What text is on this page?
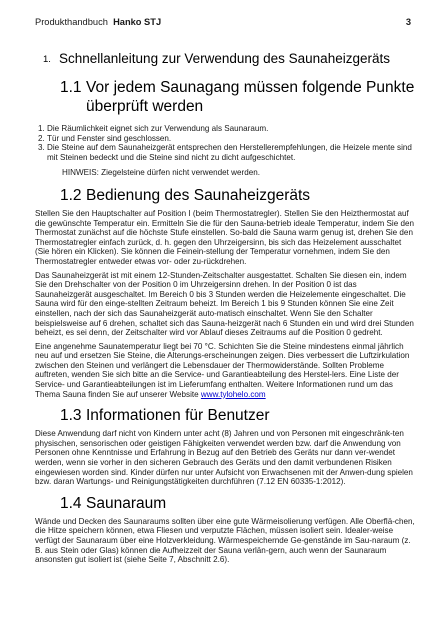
Produkthandbuch Hanko STJ	3
1. Schnellanleitung zur Verwendung des Saunaheizgeräts
1.1 Vor jedem Saunagang müssen folgende Punkte
überprüft werden
1. Die Räumlichkeit eignet sich zur Verwendung als Saunaraum.
2. Tür und Fenster sind geschlossen.
3. Die Steine auf dem Saunaheizgerät entsprechen den Herstellerempfehlungen, die Heizele mente sind mit Steinen bedeckt und die Steine sind nicht zu dicht aufgeschichtet.

HINWEIS: Ziegelsteine dürfen nicht verwendet werden.

1.2 Bedienung des Saunaheizgeräts

Stellen Sie den Hauptschalter auf Position I (beim Thermostatregler). Stellen Sie den Heizthermostat auf die gewünschte Temperatur ein. Ermitteln Sie die für den Sauna-betrieb ideale Temperatur, indem Sie den Thermostat zunächst auf die höchste Stufe einstellen. So-bald die Sauna warm genug ist, drehen Sie den Thermostatregler einfach zurück, d. h. gegen den Uhrzeigersinn, bis sich das Heizelement ausschaltet (Sie hören ein Klicken). Sie können die Feinein-stellung der Temperatur vornehmen, indem Sie den Thermostatregler entweder etwas vor- oder zu-rückdrehen.

Das Saunaheizgerät ist mit einem 12-Stunden-Zeitschalter ausgestattet. Schalten Sie diesen ein, indem Sie den Drehschalter von der Position 0 im Uhrzeigersinn drehen. In der Position 0 ist das Saunaheizgerät ausgeschaltet. Im Bereich 0 bis 3 Stunden werden die Heizelemente eingeschaltet. Die Sauna wird für den einge-stellten Zeitraum beheizt. Im Bereich 1 bis 9 Stunden können Sie eine Zeit einstellen, nach der sich das Saunaheizgerät auto-matisch einschaltet. Wenn Sie den Schalter beispielsweise auf 6 drehen, schaltet sich das Sauna-heizgerät nach 6 Stunden ein und wird drei Stunden beheizt, es sei denn, der Zeitschalter wird vor Ablauf dieses Zeitraums auf die Position 0 gedreht.

Eine angenehme Saunatemperatur liegt bei 70 °C. Schichten Sie die Steine mindestens einmal jährlich neu auf und ersetzen Sie Steine, die Alterungs-erscheinungen zeigen. Dies verbessert die Luftzirkulation zwischen den Steinen und verlängert die Lebensdauer der Thermowiderstände. Sollten Probleme auftreten, wenden Sie sich bitte an die Service- und Garantieabteilung des Herstel-lers. Eine Liste der Service- und Garantieabteilungen ist im Lieferumfang enthalten. Weitere Informationen rund um das Thema Sauna finden Sie auf unserer Website www.tylohelo.com

1.3 Informationen für Benutzer

Diese Anwendung darf nicht von Kindern unter acht (8) Jahren und von Personen mit eingeschränk-ten physischen, sensorischen oder geistigen Fähigkeiten verwendet werden bzw. darf die Anwendung von Personen ohne Kenntnisse und Erfahrung in Bezug auf den Betrieb des Geräts nur dann ver-wendet werden, wenn sie vorher in den sicheren Gebrauch des Geräts und den damit verbundenen Risiken eingewiesen worden sind. Kinder dürfen nur unter Aufsicht von Erwachsenen mit der Anwen-dung spielen bzw. daran Wartungs- und Reinigungstätigkeiten durchführen (7.12 EN 60335-1:2012).

1.4 Saunaraum

Wände und Decken des Saunaraums sollten über eine gute Wärmeisolierung verfügen. Alle Oberflä-chen, die Hitze speichern können, etwa Fliesen und verputzte Flächen, müssen isoliert sein. Idealer-weise verfügt der Saunaraum über eine Holzverkleidung. Wärmespeichernde Ge-genstände im Sau-naraum (z. B. aus Stein oder Glas) können die Aufheizzeit der Sauna verlän-gern, auch wenn der Saunaraum ansonsten gut isoliert ist (siehe Seite 7, Abschnitt 2.6).
